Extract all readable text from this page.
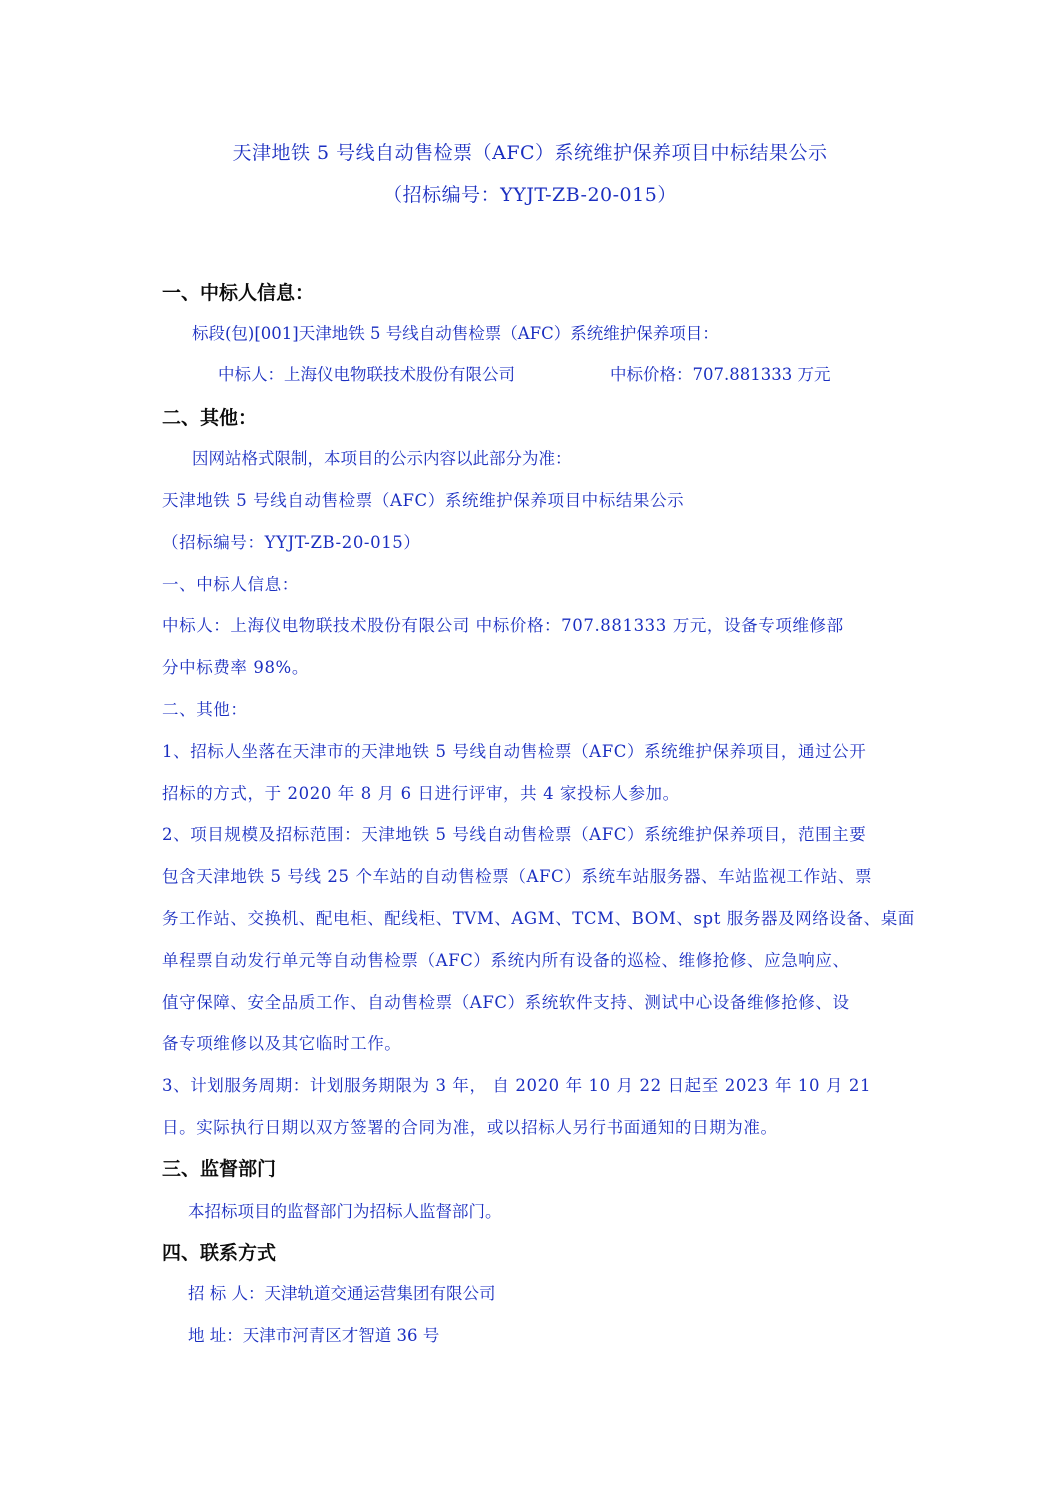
天津地铁 5 号线自动售检票（AFC）系统维护保养项目中标结果公示
（招标编号：YYJT-ZB-20-015）
一、中标人信息：
标段(包)[001]天津地铁 5 号线自动售检票（AFC）系统维护保养项目：
中标人：上海仪电物联技术股份有限公司	中标价格：707.881333 万元
二、其他：
因网站格式限制，本项目的公示内容以此部分为准：
天津地铁 5 号线自动售检票（AFC）系统维护保养项目中标结果公示
（招标编号：YYJT-ZB-20-015）
一、中标人信息：
中标人：上海仪电物联技术股份有限公司 中标价格：707.881333 万元，设备专项维修部
分中标费率 98%。
二、其他：
1、招标人坐落在天津市的天津地铁 5 号线自动售检票（AFC）系统维护保养项目，通过公开
招标的方式，于 2020 年 8 月 6 日进行评审，共 4 家投标人参加。
2、项目规模及招标范围：天津地铁 5 号线自动售检票（AFC）系统维护保养项目，范围主要
包含天津地铁 5 号线 25 个车站的自动售检票（AFC）系统车站服务器、车站监视工作站、票
务工作站、交换机、配电柜、配线柜、TVM、AGM、TCM、BOM、spt 服务器及网络设备、桌面
单程票自动发行单元等自动售检票（AFC）系统内所有设备的巡检、维修抢修、应急响应、
值守保障、安全品质工作、自动售检票（AFC）系统软件支持、测试中心设备维修抢修、设
备专项维修以及其它临时工作。
3、计划服务周期：计划服务期限为 3 年， 自 2020 年 10 月 22 日起至 2023 年 10 月 21
日。实际执行日期以双方签署的合同为准，或以招标人另行书面通知的日期为准。
三、监督部门
本招标项目的监督部门为招标人监督部门。
四、联系方式
招 标 人：天津轨道交通运营集团有限公司
地 址：天津市河青区才智道 36 号
